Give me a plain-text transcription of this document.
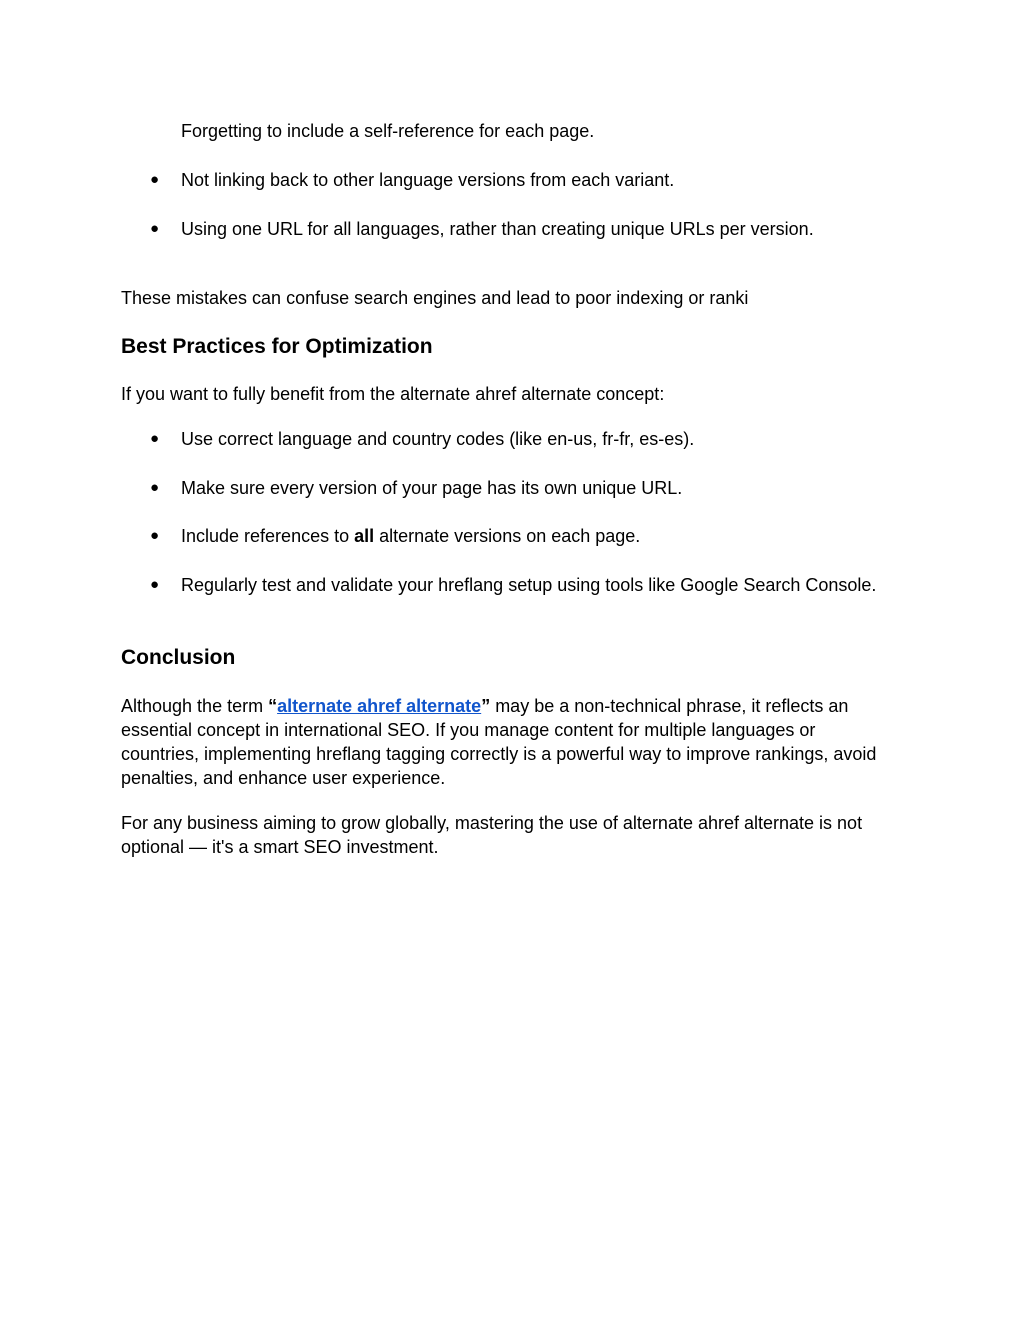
Forgetting to include a self-reference for each page.
● Not linking back to other language versions from each variant.
● Using one URL for all languages, rather than creating unique URLs per version.
These mistakes can confuse search engines and lead to poor indexing or ranki
Best Practices for Optimization
If you want to fully benefit from the alternate ahref alternate concept:
● Use correct language and country codes (like en-us, fr-fr, es-es).
● Make sure every version of your page has its own unique URL.
● Include references to all alternate versions on each page.
● Regularly test and validate your hreflang setup using tools like Google Search Console.
Conclusion
Although the term “alternate ahref alternate” may be a non-technical phrase, it reflects an
essential concept in international SEO. If you manage content for multiple languages or
countries, implementing hreflang tagging correctly is a powerful way to improve rankings, avoid
penalties, and enhance user experience.
For any business aiming to grow globally, mastering the use of alternate ahref alternate is not
optional — it's a smart SEO investment.
